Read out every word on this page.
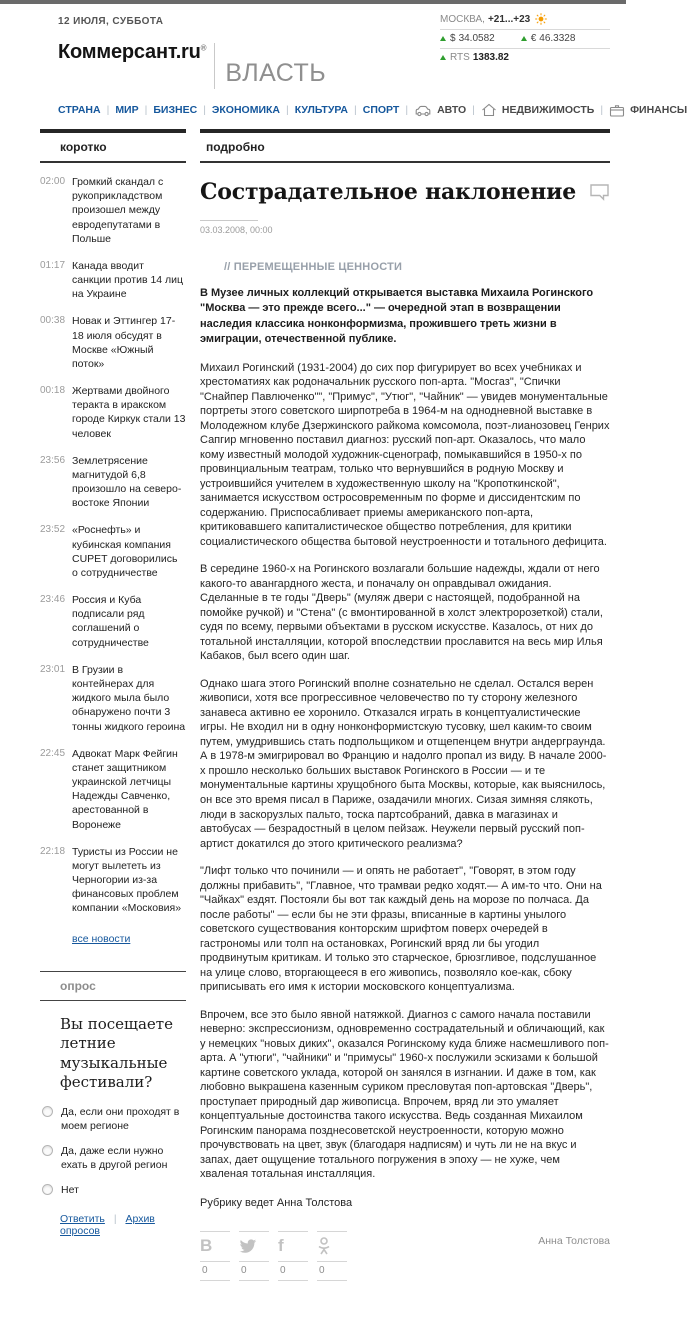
12 ИЮЛЯ, СУББОТА	МОСКВА, +21...+23
$ 34.0582	€ 46.3328
RTS 1383.82
Коммерсант.ru®
ВЛАСТЬ
СТРАНА | МИР | БИЗНЕС | ЭКОНОМИКА | КУЛЬТУРА | СПОРТ |	АВТО |	НЕДВИЖИМОСТЬ |	ФИНАНСЫ
коротко
02:00 Громкий скандал с рукоприкладством произошел между евродепутатами в Польше
01:17 Канада вводит санкции против 14 лиц на Украине
00:38 Новак и Эттингер 17-18 июля обсудят в Москве «Южный поток»
00:18 Жертвами двойного теракта в иракском городе Киркук стали 13 человек
23:56 Землетрясение магнитудой 6,8 произошло на северо-востоке Японии
23:52 «Роснефть» и кубинская компания CUPET договорились о сотрудничестве
23:46 Россия и Куба подписали ряд соглашений о сотрудничестве
23:01 В Грузии в контейнерах для жидкого мыла было обнаружено почти 3 тонны жидкого героина
22:45 Адвокат Марк Фейгин станет защитником украинской летчицы Надежды Савченко, арестованной в Воронеже
22:18 Туристы из России не могут вылететь из Черногории из-за финансовых проблем компании «Московия»
все новости
опрос
Вы посещаете летние музыкальные фестивали?
Да, если они проходят в моем регионе
Да, даже если нужно ехать в другой регион
Нет
Ответить | Архив опросов
подробно
Сострадательное наклонение
03.03.2008, 00:00
// ПЕРЕМЕЩЕННЫЕ ЦЕННОСТИ

В Музее личных коллекций открывается выставка Михаила Рогинского "Москва — это прежде всего..." — очередной этап в возвращении наследия классика нонконформизма, прожившего треть жизни в эмиграции, отечественной публике.

Михаил Рогинский (1931-2004) до сих пор фигурирует во всех учебниках и хрестоматиях как родоначальник русского поп-арта. "Мосгаз", "Спички "Снайпер Павлюченко"", "Примус", "Утюг", "Чайник" — увидев монументальные портреты этого советского ширпотреба в 1964-м на однодневной выставке в Молодежном клубе Дзержинского райкома комсомола, поэт-лианозовец Генрих Сапгир мгновенно поставил диагноз: русский поп-арт. Оказалось, что мало кому известный молодой художник-сценограф, помыкавшийся в 1950-х по провинциальным театрам, только что вернувшийся в родную Москву и устроившийся учителем в художественную школу на "Кропоткинской", занимается искусством остросовременным по форме и диссидентским по содержанию. Приспосабливает приемы американского поп-арта, критиковавшего капиталистическое общество потребления, для критики социалистического общества бытовой неустроенности и тотального дефицита.

В середине 1960-х на Рогинского возлагали большие надежды, ждали от него какого-то авангардного жеста, и поначалу он оправдывал ожидания. Сделанные в те годы "Дверь" (муляж двери с настоящей, подобранной на помойке ручкой) и "Стена" (с вмонтированной в холст электророзеткой) стали, судя по всему, первыми объектами в русском искусстве. Казалось, от них до тотальной инсталляции, которой впоследствии прославится на весь мир Илья Кабаков, был всего один шаг.

Однако шага этого Рогинский вполне сознательно не сделал. Остался верен живописи, хотя все прогрессивное человечество по ту сторону железного занавеса активно ее хоронило. Отказался играть в концептуалистические игры. Не входил ни в одну нонконформистскую тусовку, шел каким-то своим путем, умудрившись стать подпольщиком и отщепенцем внутри андерграунда. А в 1978-м эмигрировал во Францию и надолго пропал из виду. В начале 2000-х прошло несколько больших выставок Рогинского в России — и те монументальные картины хрущобного быта Москвы, которые, как выяснилось, он все это время писал в Париже, озадачили многих. Сизая зимняя слякоть, люди в заскорузлых пальто, тоска партсобраний, давка в магазинах и автобусах — безрадостный в целом пейзаж. Неужели первый русский поп-артист докатился до этого критического реализма?

"Лифт только что починили — и опять не работает", "Говорят, в этом году должны прибавить", "Главное, что трамваи редко ходят.— А им-то что. Они на "Чайках" ездят. Постояли бы вот так каждый день на морозе по полчаса. Да после работы" — если бы не эти фразы, вписанные в картины унылого советского существования конторским шрифтом поверх очередей в гастрономы или толп на остановках, Рогинский вряд ли бы угодил продвинутым критикам. И только это старческое, брюзгливое, подслушанное на улице слово, вторгающееся в его живопись, позволяло кое-как, сбоку приписывать его имя к истории московского концептуализма.

Впрочем, все это было явной натяжкой. Диагноз с самого начала поставили неверно: экспрессионизм, одновременно сострадательный и обличающий, как у немецких "новых диких", оказался Рогинскому куда ближе насмешливого поп-арта. А "утюги", "чайники" и "примусы" 1960-х послужили эскизами к большой картине советского уклада, которой он занялся в изгнании. И даже в том, как любовно выкрашена казенным суриком пресловутая поп-артовская "Дверь", проступает природный дар живописца. Впрочем, вряд ли это умаляет концептуальные достоинства такого искусства. Ведь созданная Михаилом Рогинским панорама позднесоветской неустроенности, которую можно прочувствовать на цвет, звук (благодаря надписям) и чуть ли не на вкус и запах, дает ощущение тотального погружения в эпоху — не хуже, чем хваленая тотальная инсталляция.

Рубрику ведет Анна Толстова

В
0	0
f
0	0
Анна Толстова
